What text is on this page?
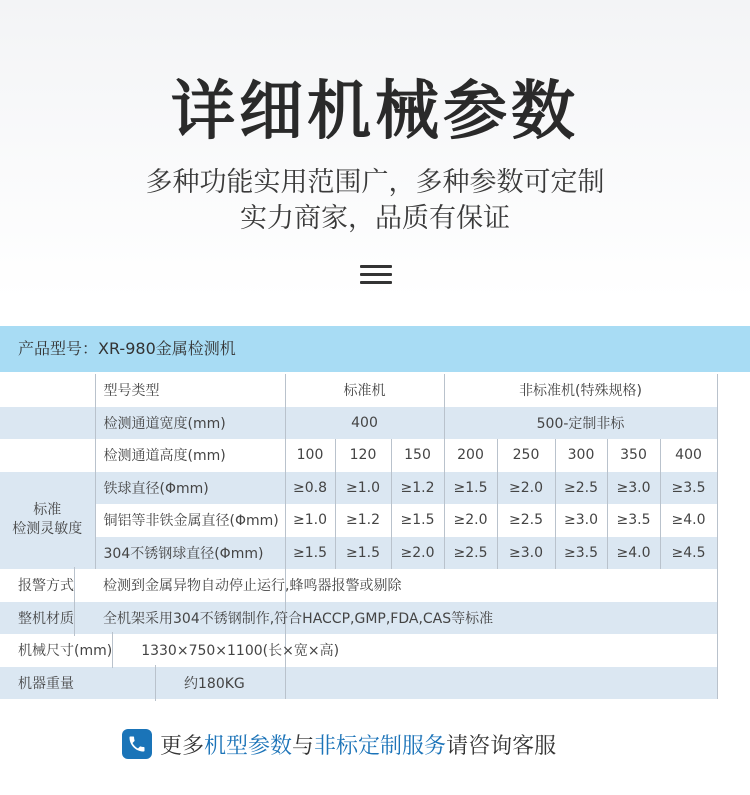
详细机械参数
多种功能实用范围广，多种参数可定制
实力商家，品质有保证
产品型号：XR-980金属检测机
	型号类型	标准机			非标准机(特殊规格)					
	检测通道宽度(mm)	400			500-定制非标					
	检测通道高度(mm)	100	120	150	200	250	300	350	400	

标准
检测灵敏度	铁球直径(Φmm)	≥0.8	≥1.0	≥1.2	≥1.5	≥2.0	≥2.5	≥3.0	≥3.5	
	铜铝等非铁金属直径(Φmm)	≥1.0	≥1.2	≥1.5	≥2.0	≥2.5	≥3.0	≥3.5	≥4.0	
	304不锈钢球直径(Φmm)	≥1.5	≥1.5	≥2.0	≥2.5	≥3.0	≥3.5	≥4.0	≥4.5	

报警方式 检测到金属异物自动停止运行,蜂鸣器报警或剔除										

整机材质 全机架采用304不锈钢制作,符合HACCP,GMP,FDA,CAS等标准										

机械尺寸(mm) 1330×750×1100(长×宽×高)										

机器重量 约180KG										

更多 机型参数 与 非标定制服务 请咨询客服
